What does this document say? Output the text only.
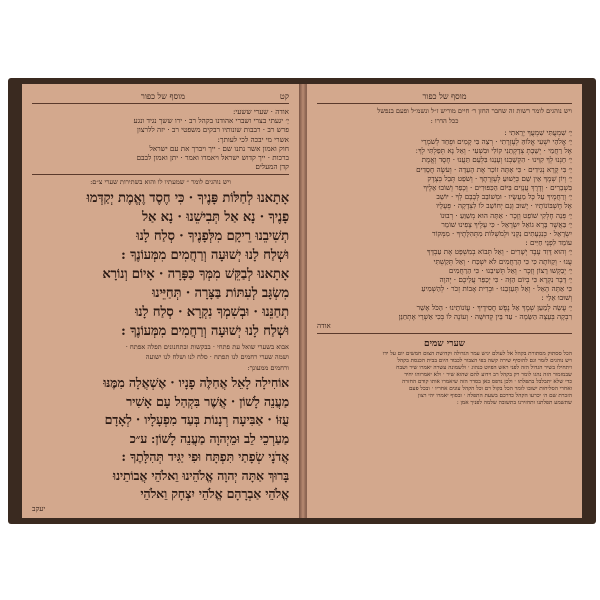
קט
מוסף של כפור

אודה · שערי ששעי:

יֵ׳ יגעתי בצרי ושברי אהודנו בקהל רב · ירו ששך נגיד ונגע

פרש רב · רבבות שונותיו רבקים משפטי רב · יזה ללרצון

אשרי מי יבכה לכי לעותך:

חוק ואמון אשר נתנו שם · ייך ויברך את עם ישראל

ברכות · ייך קדוש ישראל ויאמרו ואמר · יתן ואמון לבבם

קדן המעלים

ויש נוהגים לומר ״ שמעתיו לו והוא בשתירות שערי צ״ם:

אָתָאנוּ לְחַלּוֹת פָּנֶיךָ · כִּי חֶסֶד וֶאֱמֶת יְקַדְּמוּ

פָנֶיךָ · נָא אַל תְּבִישֵׁנוּ · נָא אַל

תְשִׁיבֵנוּ רֵיקָם מִלְּפָנֶיךָ · סְלַח לָנוּ

וּשְׁלַח לָנוּ יְשׁוּעָה וְרַחֲמִים מִמְּעוֹנֶךָ :

אָתָאנוּ לְבַקֵּשׁ מִמְּךָ כַּפָּרָה · אָיוֹם וְנוֹרָא

מִשְׂגָּב לְעִתּוֹת בַּצָּרָה · תְּחַיֵּינוּ

תְחַנֵּנוּ · וּבְשִׁמְךָ נִקְרָא · סְלַח לָנוּ

וּשְׁלַח לָנוּ יְשׁוּעָה וְרַחֲמִים מִמְּעוֹנֶךָ :

אבוא בשערי שואל עת פתחי · בבקשות ובתחנונים תפלה אפתח ·

ושמה שערי רחמים לנו תפתח · סלח לנו ושלח לנו ישועה

ורחמים ממעונך:

אוֹחִילָה לָאֵל אֲחַלֶּה פָנָיו · אֶשְׁאֲלָה מִמֶּנּוּ

מַעֲנֵה לָשׁוֹן · אֲשֶׁר בִּקְהַל עָם אָשִׁיר

עֻזּוֹ · אַבִּיעָה רְנָנוֹת בְּעַד מִפְעָלָיו · לְאָדָם

מַעַרְכֵי לֵב וּמֵיְהוָה מַעֲנֵה לָשׁוֹן ׃ ע״כ

אֲדֹנָי שְׂפָתַי תִּפְתָּח וּפִי יַגִּיד תְּהִלָּתֶךָ :

בָּרוּךְ אַתָּה יְהוָה אֱלֹהֵינוּ וֵאלֹהֵי אֲבוֹתֵינוּ

אֱלֹהֵי אַבְרָהָם אֱלֹהֵי יִצְחָק וֵאלֹהֵי

יעקב

מוסף של כפור

ויש נוהגים לומר רשות זה שחבר החזן ר׳ חיים מוריש ז״ל ונשמ״ל ופעם בנפשל

ככל הדרו :

יֵ׳ שִׁמְעֲתִּי שִׁמְעֲךָ יָרֵאתִי :

יֵ׳ אֱלֹהַי יִשְׁעִי אֱלוֹהַּ לְעֶזְרָתִי · רְצֵה בִּי קָמִים וּפְחַד לְשֹׁמְרֵי

אֶל רַחֲמַי · יְשֵׁבָתְ צְדָקְתֵנִי קוֹלִי וּבִשְׁעִי · וְאֵל נָא תְּפַלְתִּי לְךָ ׃

יֵ׳ חֵנְנוּ לְךָ קִוִּינוּ · הִקְשַׁבְנוּ וְעָנֵנוּ בִּלְעֵם תַּעֲנוּ · חֶסֶד וְאֱמֶת

יֵ׳ בִּי קָרָא נְגִידִים · כִּי אָתָּה זוֹכֵר אֶת הָעֵדָה · וְעֹשֶׂה חֲסָדִים

יֵ׳ וְיוֹן שְׁמֶךָ אֵין שֵׁם כְּיֵשׁוּעַ לְעֶזְרָתֶךָ · וְשֹׁפֵט תְּבֵל בְּצֶדֶק

בִּשְׁבֵרִים · וְדֶרֶךְ עֲנָוִים בַּיּוֹם הַכִּפּוּרִים · וְכָפַר וְשׁוֹבוּ אֵלֶיךָ

יֵ׳ וְרַחֲמֶיךָ עַל כָּל מַעֲשָׂיו · וּמְשׁוֹבֵב לְבָבָם לְךָ · יוֹשֵׁב

אֶל חֶשְׁבּוֹנוֹתָיו · יָשׁוּב וְגַם יְחוֹשֵׁב לוֹ לִצְדָקָה · פְּעָלָיו

יֵ׳ פְּנֵה חֶלְקִי שׁוֹפֵט וְזֶכֶר · אַתָּה הוּא מְשַׁוֵּעַ · רְבוּנוֹ

יֵ׳ בַּאֲשֶׁר בָּרָא גוֹאֵל יִשְׂרָאֵל · כִּי עָלֶיךָ צָפִינוּ שׁוֹמֵר

יִשְׂרָאֵל · כְּנִגְעָתִים נִקְנִי וּלְמֹשְׁלוֹת מִתְּהִלָּתֶיךָ · מִמְּקוֹר

עוֹמֵד לִפְנֵי חַיִּים :

יֵ׳ וְהוּא דָּוִד עֶבֶד יְשָׁרִים · וְאַל תְּבוֹא בְמִשְׁפָּט אֶת עַבְדֶּךָ

עֲנוּ · וְקַוּוֹתָה כִּי כִּי הָרַחֲמִים לֹא יִשְׁכַּח · וְאַל תְּקַשְׁתִּי

יֵ׳ יְבַקְּשׁוּ רָצוֹן וְזֵכֶר · וְאַל תְּשִׁיבֵנוּ · כִּי הַרַחֲמִים

יֵ׳ דָּבָר נִקְרָא כִּי בְיוֹם הַזֶּה · כִּי יְכַפֵּר עֲלֵיכֶם · יְהוָה

כִּי אַתָּה הָאֵל · וְאַל תְּעַזְבֵנוּ · וּבְרִית אָבוֹת זְכֹר · לְהַשְׁמִיעַ

וְשׁוּבוּ אֵלַי :

יֵ׳ עֲשֵׂה לְמַעַן שְׁמֶךָ אַל נֶפֶשׁ חֲסִידֶיךָ · עֲוֹנוֹתֵינוּ · הַכֹּל אָשֵׁר

רִבְקָה בְּעֵצָה הַשֵּׂמָה · עַד בֵּין קְדוּשָּׁה · וְעוֹנֶה לוֹ בְּכִי אַשְׁרֵי אֶתְחַנֵּן

אודה

שערי שמים

הכל ססתוק מסתורת בקהל אל לעולם יגיש עמר הגדולה וקדושת הצום חמשים יום על ידו

ויש נוהגים לזמר וגם להוסיף שירה קשה בפי הצבור לכבוד היום בבית הכנסת בקהל

ויתחילו בשיר הגדול הזה לפני ראש הפיוט כנהוג · ולשמונה עשרה יאמרו שיר ושבח

שבמזמור הזה נהגו לומר רק בקהל רב וידוע להם שהוא שיר · ולא יאמרוהו יחיד

כדי שלא יתבלבל בתפלתו · ולכן נדפס כאן בסדר הזה שיאמרו אותו קודם החזרה

ואחרי הסליחות ישובו לומר הכל בקול רם וכל הקהל עונים אחריו · ובכל פעם

הזכרת שם ה׳ יכרעו הקהל כדרכם בשעת התפלה · ובסוף יאמרו יהי רצון

שתשמע תפלתנו ותחזירנו בתשובה שלמה לפניך אמן :
